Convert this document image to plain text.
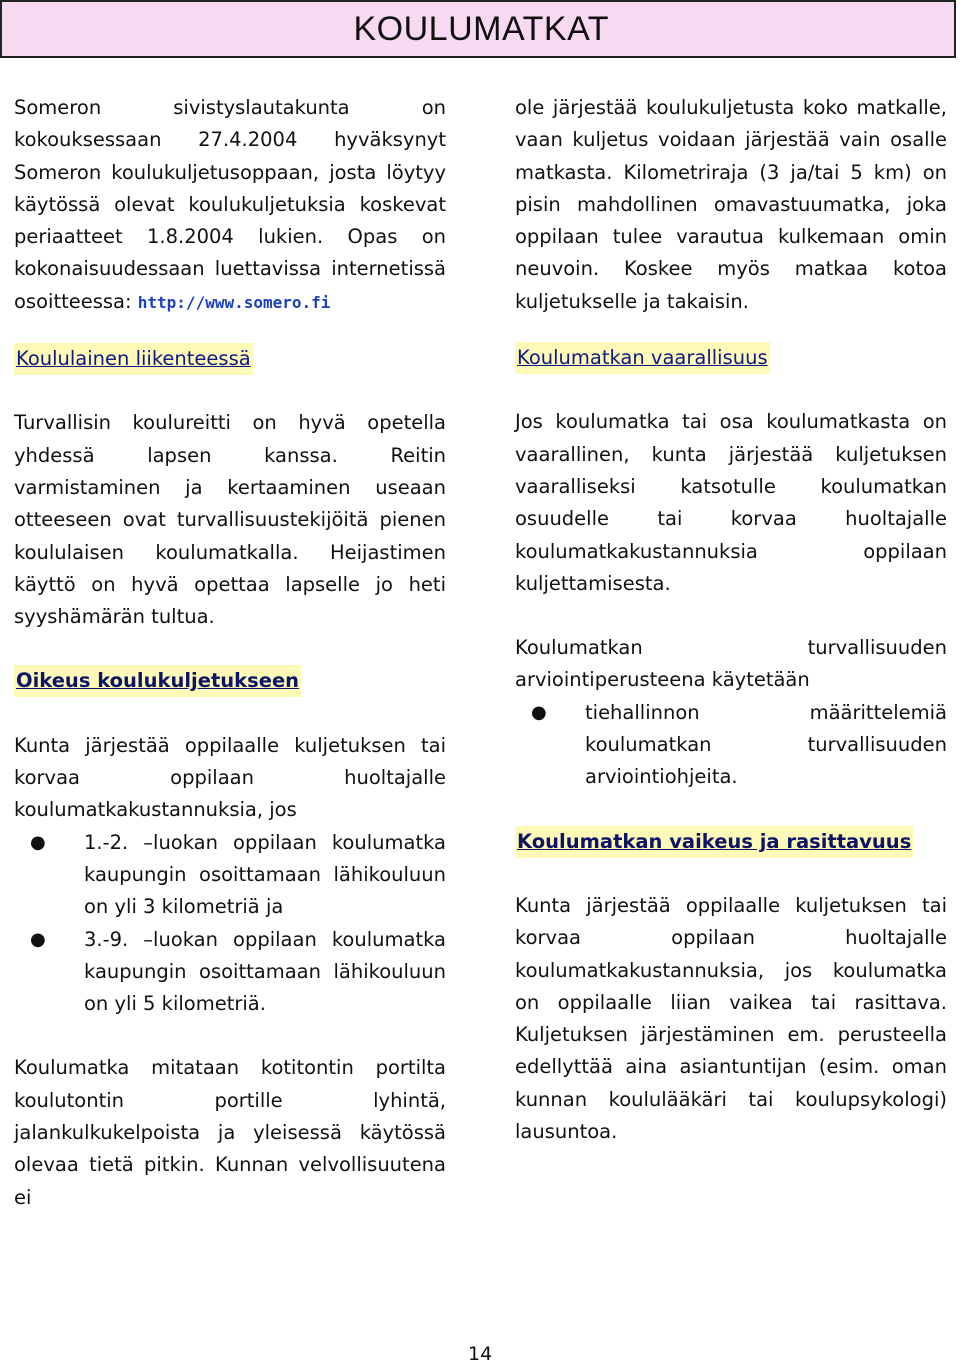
KOULUMATKAT

Someron sivistyslautakunta on kokouksessaan 27.4.2004 hyväksynyt Someron koulukuljetusoppaan, josta löytyy käytössä olevat koulukuljetuksia koskevat periaatteet 1.8.2004 lukien. Opas on kokonaisuudessaan luettavissa internetissä osoitteessa: http://www.somero.fi

Koululainen liikenteessä

Turvallisin koulureitti on hyvä opetella yhdessä lapsen kanssa. Reitin varmistaminen ja kertaaminen useaan otteeseen ovat turvallisuustekijöitä pienen koululaisen koulumatkalla. Heijastimen käyttö on hyvä opettaa lapselle jo heti syyshämärän tultua.

Oikeus koulukuljetukseen

Kunta järjestää oppilaalle kuljetuksen tai korvaa oppilaan huoltajalle koulumatkakustannuksia, jos

● 1.-2. –luokan oppilaan koulumatka kaupungin osoittamaan lähikouluun on yli 3 kilometriä ja
● 3.-9. –luokan oppilaan koulumatka kaupungin osoittamaan lähikouluun on yli 5 kilometriä.

Koulumatka mitataan kotitontin portilta koulutontin portille lyhintä, jalankulkukelpoista ja yleisessä käytössä olevaa tietä pitkin. Kunnan velvollisuutena ei

ole järjestää koulukuljetusta koko matkalle, vaan kuljetus voidaan järjestää vain osalle matkasta. Kilometriraja (3 ja/tai 5 km) on pisin mahdollinen omavastuumatka, joka oppilaan tulee varautua kulkemaan omin neuvoin. Koskee myös matkaa kotoa kuljetukselle ja takaisin.

Koulumatkan vaarallisuus

Jos koulumatka tai osa koulumatkasta on vaarallinen, kunta järjestää kuljetuksen vaaralliseksi katsotulle koulumatkan osuudelle tai korvaa huoltajalle koulumatkakustannuksia oppilaan kuljettamisesta.

Koulumatkan turvallisuuden arviointiperusteena käytetään

● tiehallinnon määrittelemiä koulumatkan turvallisuuden arviointiohjeita.

Koulumatkan vaikeus ja rasittavuus

Kunta järjestää oppilaalle kuljetuksen tai korvaa oppilaan huoltajalle koulumatkakustannuksia, jos koulumatka on oppilaalle liian vaikea tai rasittava. Kuljetuksen järjestäminen em. perusteella edellyttää aina asiantuntijan (esim. oman kunnan koululääkäri tai koulupsykologi) lausuntoa.

14
